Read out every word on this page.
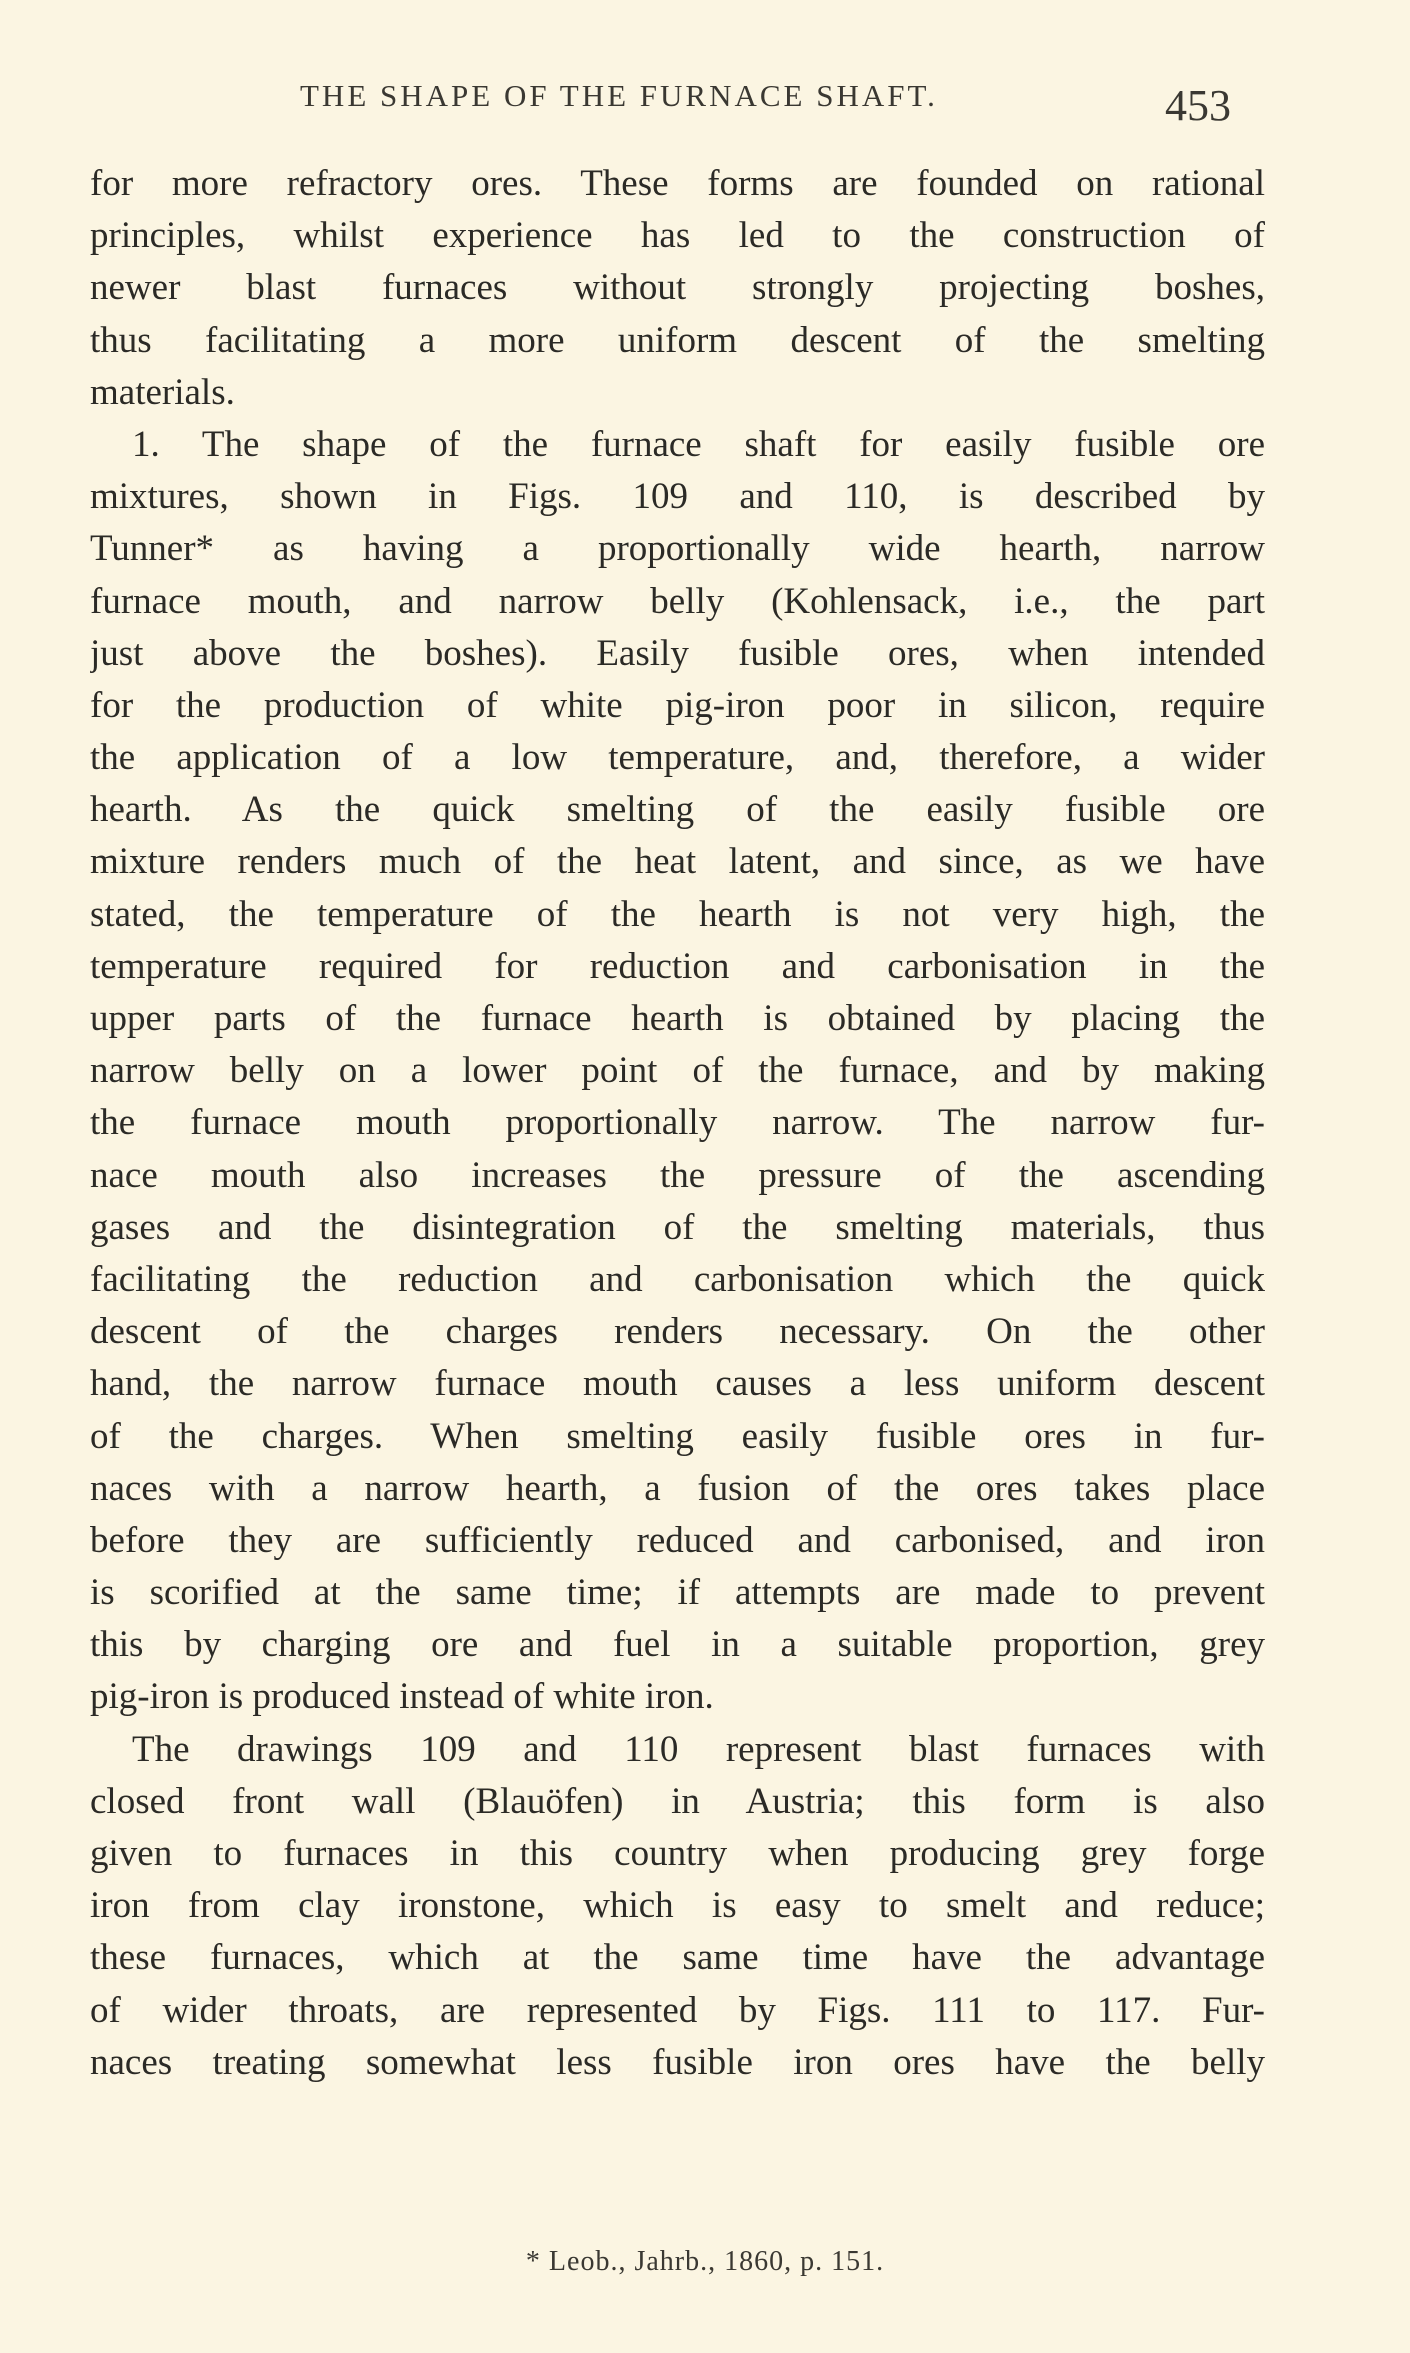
THE SHAPE OF THE FURNACE SHAFT.	453
for more refractory ores. These forms are founded on rational
principles, whilst experience has led to the construction of
newer blast furnaces without strongly projecting boshes,
thus facilitating a more uniform descent of the smelting
materials.
1. The shape of the furnace shaft for easily fusible ore
mixtures, shown in Figs. 109 and 110, is described by
Tunner* as having a proportionally wide hearth, narrow
furnace mouth, and narrow belly (Kohlensack, i.e., the part
just above the boshes). Easily fusible ores, when intended
for the production of white pig-iron poor in silicon, require
the application of a low temperature, and, therefore, a wider
hearth. As the quick smelting of the easily fusible ore
mixture renders much of the heat latent, and since, as we have
stated, the temperature of the hearth is not very high, the
temperature required for reduction and carbonisation in the
upper parts of the furnace hearth is obtained by placing the
narrow belly on a lower point of the furnace, and by making
the furnace mouth proportionally narrow. The narrow fur-
nace mouth also increases the pressure of the ascending
gases and the disintegration of the smelting materials, thus
facilitating the reduction and carbonisation which the quick
descent of the charges renders necessary. On the other
hand, the narrow furnace mouth causes a less uniform descent
of the charges. When smelting easily fusible ores in fur-
naces with a narrow hearth, a fusion of the ores takes place
before they are sufficiently reduced and carbonised, and iron
is scorified at the same time; if attempts are made to prevent
this by charging ore and fuel in a suitable proportion, grey
pig-iron is produced instead of white iron.
The drawings 109 and 110 represent blast furnaces with
closed front wall (Blauöfen) in Austria; this form is also
given to furnaces in this country when producing grey forge
iron from clay ironstone, which is easy to smelt and reduce;
these furnaces, which at the same time have the advantage
of wider throats, are represented by Figs. 111 to 117. Fur-
naces treating somewhat less fusible iron ores have the belly
* Leob., Jahrb., 1860, p. 151.
